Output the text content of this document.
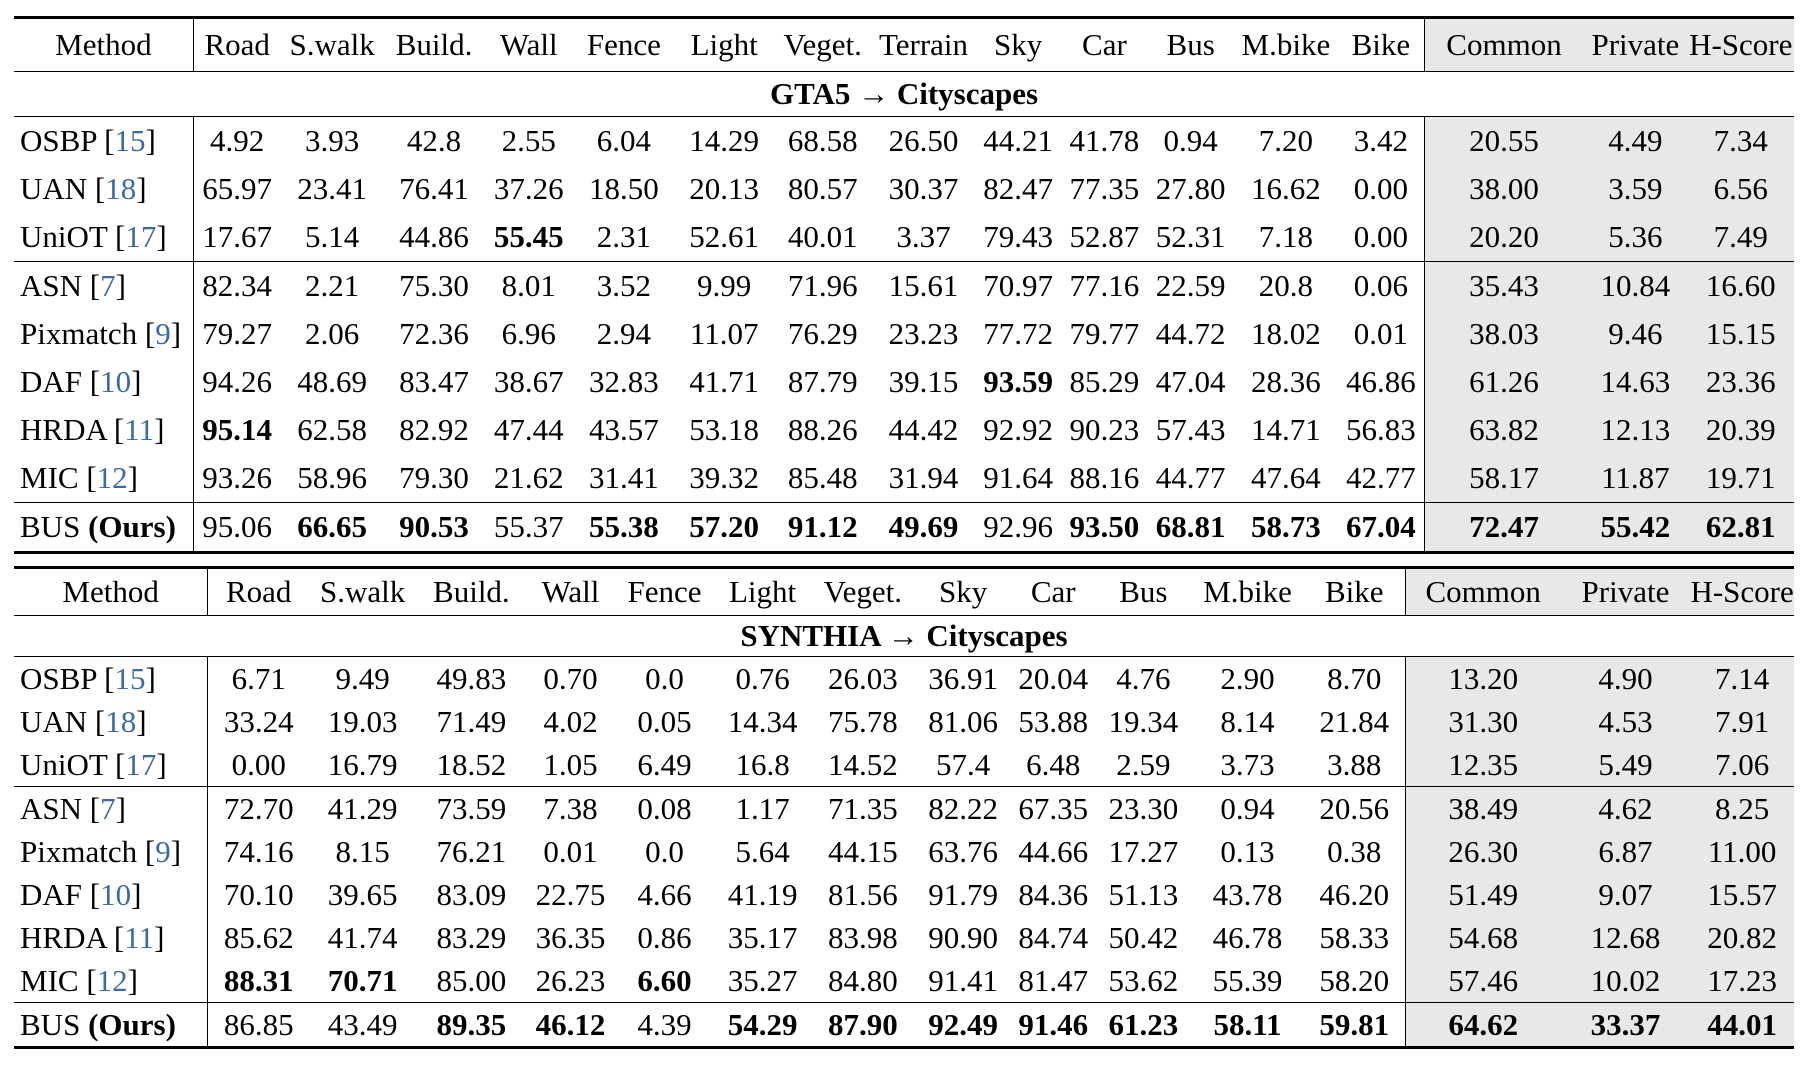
Method	Road	S.walk	Build.	Wall	Fence	Light	Veget.	Terrain	Sky	Car	Bus	M.bike	Bike	Common	Private	H-Score
GTA5 → Cityscapes																
OSBP [15]	4.92	3.93	42.8	2.55	6.04	14.29	68.58	26.50	44.21	41.78	0.94	7.20	3.42	20.55	4.49	7.34
UAN [18]	65.97	23.41	76.41	37.26	18.50	20.13	80.57	30.37	82.47	77.35	27.80	16.62	0.00	38.00	3.59	6.56
UniOT [17]	17.67	5.14	44.86	55.45	2.31	52.61	40.01	3.37	79.43	52.87	52.31	7.18	0.00	20.20	5.36	7.49
ASN [7]	82.34	2.21	75.30	8.01	3.52	9.99	71.96	15.61	70.97	77.16	22.59	20.8	0.06	35.43	10.84	16.60
Pixmatch [9]	79.27	2.06	72.36	6.96	2.94	11.07	76.29	23.23	77.72	79.77	44.72	18.02	0.01	38.03	9.46	15.15
DAF [10]	94.26	48.69	83.47	38.67	32.83	41.71	87.79	39.15	93.59	85.29	47.04	28.36	46.86	61.26	14.63	23.36
HRDA [11]	95.14	62.58	82.92	47.44	43.57	53.18	88.26	44.42	92.92	90.23	57.43	14.71	56.83	63.82	12.13	20.39
MIC [12]	93.26	58.96	79.30	21.62	31.41	39.32	85.48	31.94	91.64	88.16	44.77	47.64	42.77	58.17	11.87	19.71
BUS (Ours)	95.06	66.65	90.53	55.37	55.38	57.20	91.12	49.69	92.96	93.50	68.81	58.73	67.04	72.47	55.42	62.81
Method	Road	S.walk	Build.	Wall	Fence	Light	Veget.	Sky	Car	Bus	M.bike	Bike	Common	Private	H-Score
SYNTHIA → Cityscapes															
OSBP [15]	6.71	9.49	49.83	0.70	0.0	0.76	26.03	36.91	20.04	4.76	2.90	8.70	13.20	4.90	7.14
UAN [18]	33.24	19.03	71.49	4.02	0.05	14.34	75.78	81.06	53.88	19.34	8.14	21.84	31.30	4.53	7.91
UniOT [17]	0.00	16.79	18.52	1.05	6.49	16.8	14.52	57.4	6.48	2.59	3.73	3.88	12.35	5.49	7.06
ASN [7]	72.70	41.29	73.59	7.38	0.08	1.17	71.35	82.22	67.35	23.30	0.94	20.56	38.49	4.62	8.25
Pixmatch [9]	74.16	8.15	76.21	0.01	0.0	5.64	44.15	63.76	44.66	17.27	0.13	0.38	26.30	6.87	11.00
DAF [10]	70.10	39.65	83.09	22.75	4.66	41.19	81.56	91.79	84.36	51.13	43.78	46.20	51.49	9.07	15.57
HRDA [11]	85.62	41.74	83.29	36.35	0.86	35.17	83.98	90.90	84.74	50.42	46.78	58.33	54.68	12.68	20.82
MIC [12]	88.31	70.71	85.00	26.23	6.60	35.27	84.80	91.41	81.47	53.62	55.39	58.20	57.46	10.02	17.23
BUS (Ours)	86.85	43.49	89.35	46.12	4.39	54.29	87.90	92.49	91.46	61.23	58.11	59.81	64.62	33.37	44.01
